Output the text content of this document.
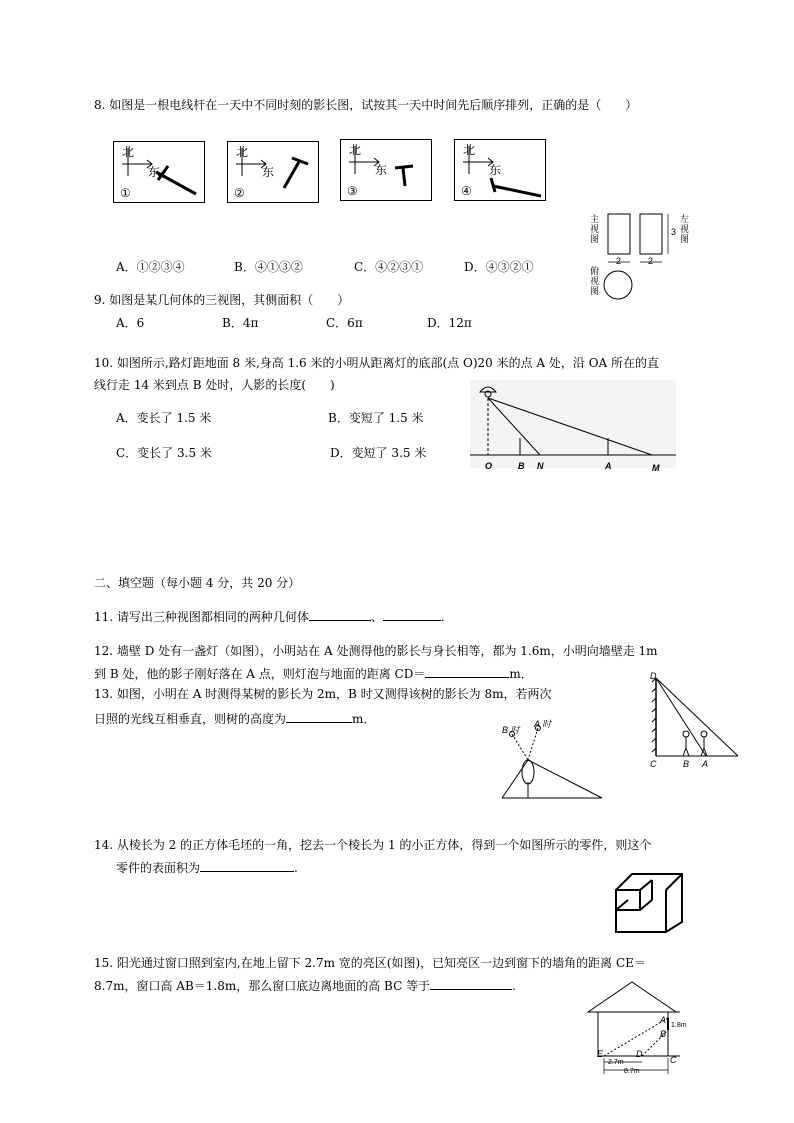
8. 如图是一根电线杆在一天中不同时刻的影长图，试按其一天中时间先后顺序排列，正确的是（　　）
北
东
①
北
东
②
北
东
③
北
东
④
A．①②③④	B．④①③②	C．④②③①	D．④③②①
主视图
左视图
俯视图
2	2
3
9. 如图是某几何体的三视图，其侧面积（　　）
A．6	B．4π	C．6π	D．12π
10. 如图所示,路灯距地面 8 米,身高 1.6 米的小明从距离灯的底部(点 O)20 米的点 A 处，沿 OA 所在的直
线行走 14 米到点 B 处时，人影的长度(　　)
A．变长了 1.5 米	B．变短了 1.5 米
C．变长了 3.5 米	D．变短了 3.5 米
O	B N	A	M
二、填空题（每小题 4 分，共 20 分）
11. 请写出三种视图都相同的两种几何体	、	.
12. 墙壁 D 处有一盏灯（如图），小明站在 A 处测得他的影长与身长相等，都为 1.6m，小明向墙壁走 1m
到 B 处，他的影子刚好落在 A 点，则灯泡与地面的距离 CD＝	m．	D
C	B A
13. 如图，小明在 A 时测得某树的影长为 2m，B 时又测得该树的影长为 8m，若两次
日照的光线互相垂直，则树的高度为	m．
B 时
A 时
14. 从棱长为 2 的正方体毛坯的一角，挖去一个棱长为 1 的小正方体，得到一个如图所示的零件，则这个
零件的表面积为	.
15. 阳光通过窗口照到室内,在地上留下 2.7m 宽的亮区(如图)，已知亮区一边到窗下的墙角的距离 CE＝
8.7m，窗口高 AB＝1.8m，那么窗口底边离地面的高 BC 等于	.
A
B
C
D
E
1.8m
2.7m
8.7m
